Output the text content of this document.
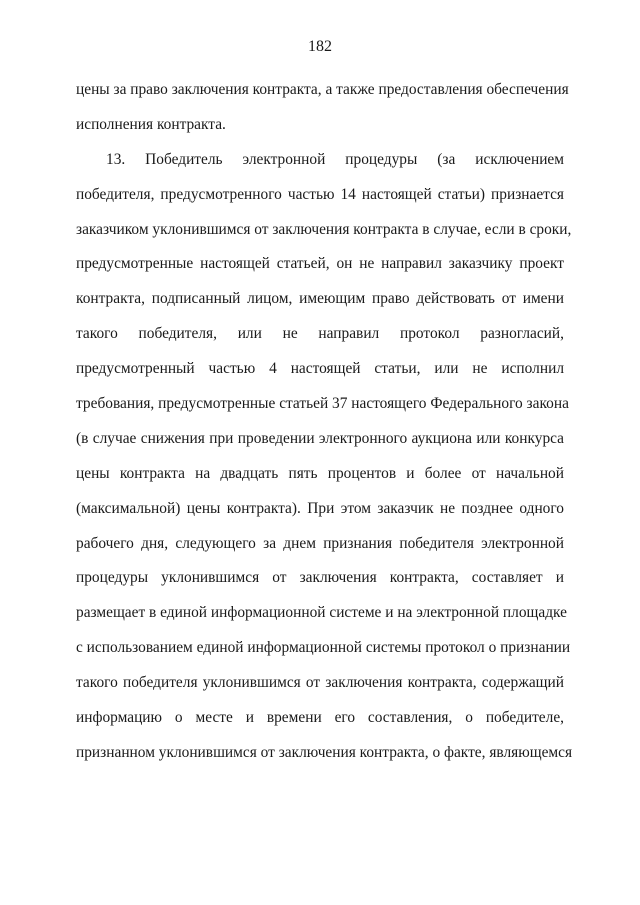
182
цены за право заключения контракта, а также предоставления обеспечения
исполнения контракта.
13. Победитель электронной процедуры (за исключением
победителя, предусмотренного частью 14 настоящей статьи) признается
заказчиком уклонившимся от заключения контракта в случае, если в сроки,
предусмотренные настоящей статьей, он не направил заказчику проект
контракта, подписанный лицом, имеющим право действовать от имени
такого победителя, или не направил протокол разногласий,
предусмотренный частью 4 настоящей статьи, или не исполнил
требования, предусмотренные статьей 37 настоящего Федерального закона
(в случае снижения при проведении электронного аукциона или конкурса
цены контракта на двадцать пять процентов и более от начальной
(максимальной) цены контракта). При этом заказчик не позднее одного
рабочего дня, следующего за днем признания победителя электронной
процедуры уклонившимся от заключения контракта, составляет и
размещает в единой информационной системе и на электронной площадке
с использованием единой информационной системы протокол о признании
такого победителя уклонившимся от заключения контракта, содержащий
информацию о месте и времени его составления, о победителе,
признанном уклонившимся от заключения контракта, о факте, являющемся
